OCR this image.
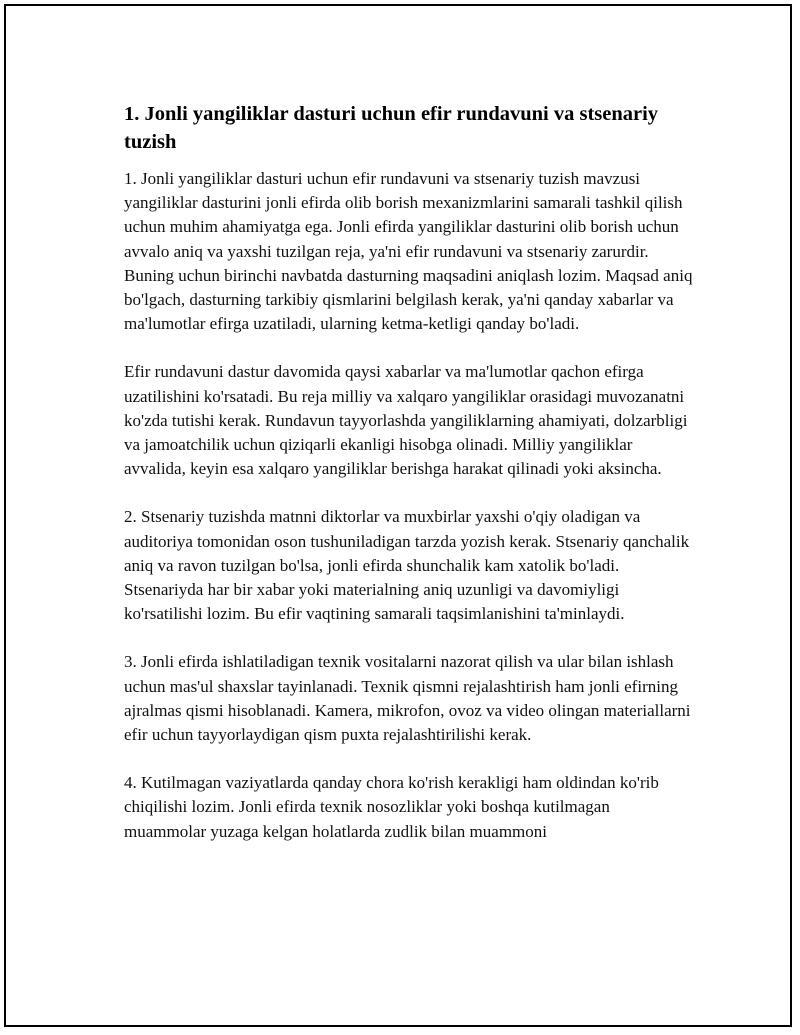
1. Jonli yangiliklar dasturi uchun efir rundavuni va stsenariy tuzish

1. Jonli yangiliklar dasturi uchun efir rundavuni va stsenariy tuzish mavzusi yangiliklar dasturini jonli efirda olib borish mexanizmlarini samarali tashkil qilish uchun muhim ahamiyatga ega. Jonli efirda yangiliklar dasturini olib borish uchun avvalo aniq va yaxshi tuzilgan reja, ya'ni efir rundavuni va stsenariy zarurdir. Buning uchun birinchi navbatda dasturning maqsadini aniqlash lozim. Maqsad aniq bo'lgach, dasturning tarkibiy qismlarini belgilash kerak, ya'ni qanday xabarlar va ma'lumotlar efirga uzatiladi, ularning ketma-ketligi qanday bo'ladi.

Efir rundavuni dastur davomida qaysi xabarlar va ma'lumotlar qachon efirga uzatilishini ko'rsatadi. Bu reja milliy va xalqaro yangiliklar orasidagi muvozanatni ko'zda tutishi kerak. Rundavun tayyorlashda yangiliklarning ahamiyati, dolzarbligi va jamoatchilik uchun qiziqarli ekanligi hisobga olinadi. Milliy yangiliklar avvalida, keyin esa xalqaro yangiliklar berishga harakat qilinadi yoki aksincha.

2. Stsenariy tuzishda matnni diktorlar va muxbirlar yaxshi o'qiy oladigan va auditoriya tomonidan oson tushuniladigan tarzda yozish kerak. Stsenariy qanchalik aniq va ravon tuzilgan bo'lsa, jonli efirda shunchalik kam xatolik bo'ladi. Stsenariyda har bir xabar yoki materialning aniq uzunligi va davomiyligi ko'rsatilishi lozim. Bu efir vaqtining samarali taqsimlanishini ta'minlaydi.

3. Jonli efirda ishlatiladigan texnik vositalarni nazorat qilish va ular bilan ishlash uchun mas'ul shaxslar tayinlanadi. Texnik qismni rejalashtirish ham jonli efirning ajralmas qismi hisoblanadi. Kamera, mikrofon, ovoz va video olingan materiallarni efir uchun tayyorlaydigan qism puxta rejalashtirilishi kerak.

4. Kutilmagan vaziyatlarda qanday chora ko'rish kerakligi ham oldindan ko'rib chiqilishi lozim. Jonli efirda texnik nosozliklar yoki boshqa kutilmagan muammolar yuzaga kelgan holatlarda zudlik bilan muammoni
